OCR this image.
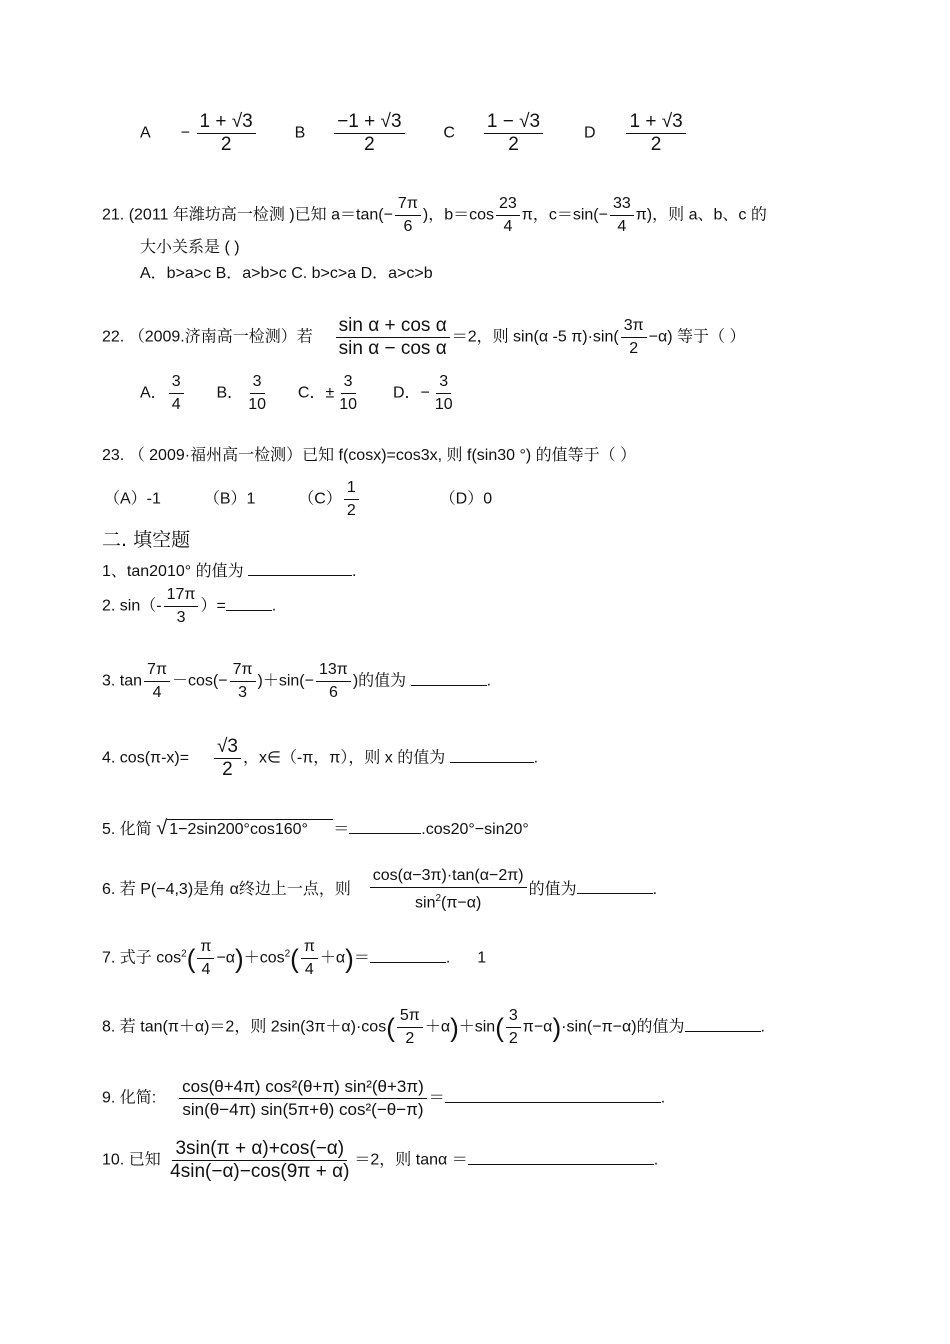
$A - \frac{1 + √3}{2}$ B $\frac{-1 + √3}{2}$ C $\frac{1 - √3}{2}$	D $\frac{1 + √3}{2}$
21. (2011 年潍坊高一检测 )已知 $a=\tan(- \frac{7\pi}{6}$ )，$b=\cos \frac{23}{4}$ π，$c=\sin(- \frac{33}{4} \pi)$，则 a、b、c 的
大小关系是 ( )
A．b>a>c B．a>b>c C. b>c>a D．a>c>b
22. （2009.济南高一检测）若 $\frac{\text{sin α + cos α}}{\text{sin α − cos α}} =2$，则 sin(α -5 $\pi)\cdot\sin( \frac{3\pi}{2} -\alpha)$ 等于（ ）
A． $\frac{3}{4}$ B． $\frac{3}{10}$ C．± $\frac{3}{10}$ D．− $\frac{3}{10}$
23. （ 2009·福州高一检测）已知 f(cosx)=cos3x, 则 f(sin30 °) 的值等于（ ）
（A）-1	（B）1	$(C) \frac{1}{2}$	（D）0
二. 填空题
1、tan2010° 的值为	.
2. $\sin(- \frac{17\pi}{3}$ ）=	.
3. $\tan \frac{7\pi}{4} -\cos(- \frac{7\pi}{3} )+\sin(- \frac{13\pi}{6}$ )的值为	.
4. $\cos(\pi-x)= \frac{√3}{2}$ ，x∈（-π，π），则 x 的值为	.
5. 化简 √ 1−2sin200°cos160° ＝	.cos20°−sin20°
6. 若 P(−4,3)是角 α终边上一点，则 $\frac{\cos(\alpha-3\pi)\cdot\tan(\alpha-2\pi)}{\sin^2(\pi-\alpha)}$ 的值为	.
7. 式子 $\cos^2( \frac{\pi}{4} -\alpha)+\cos^2( \frac{\pi}{4} +\alpha)=$	.  1
8. 若 tan(π＋α)＝2，则 $2\sin(3\pi+\alpha)\cdot\cos( \frac{5\pi}{2} +\alpha)+\sin( \frac{3}{2} \pi-\alpha)\cdot\sin(-\pi-\alpha)$的值为	.
9. 化简: $\frac{\text{cos(θ+4π) cos²(θ+π) sin²(θ+3π)}}{\text{sin(θ−4π) sin(5π+θ) cos²(−θ−π)}}$ ＝	.
10. 已知 $\frac{3\sin(\pi + \alpha)+\cos(-\alpha)}{4\sin(-\alpha)-\cos(9\pi + \alpha)} =2$，则 tanα ＝	.
